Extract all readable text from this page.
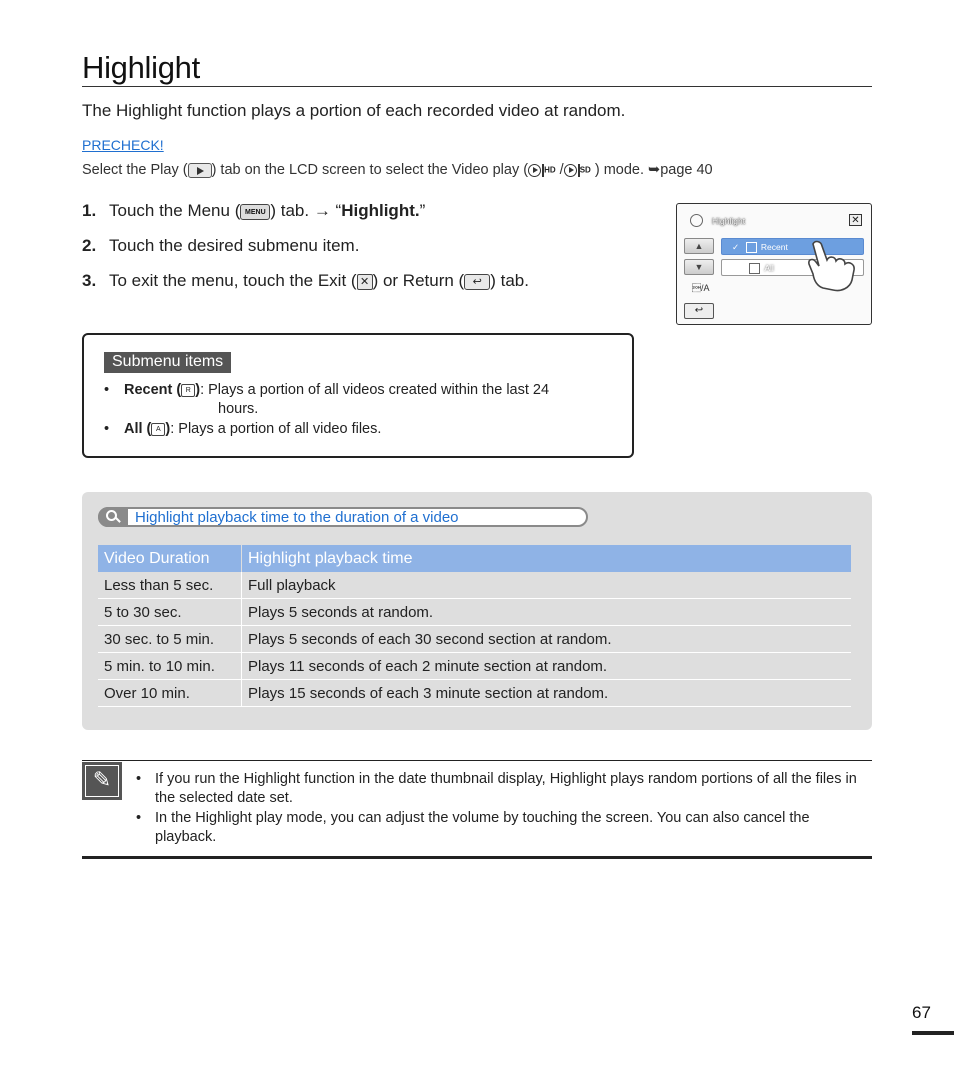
Highlight
The Highlight function plays a portion of each recorded video at random.
PRECHECK!
Select the Play ( ) tab on the LCD screen to select the Video play ( HD / SD ) mode. ➥page 40
1. Touch the Menu ( MENU ) tab. → “Highlight.”
2. Touch the desired submenu item.
3. To exit the menu, touch the Exit ( ✕ ) or Return ( ↩ ) tab.
Highlight	✕
▲
▼
✓	Recent
All
/A
↩
Submenu items
• Recent ( R ): Plays a portion of all videos created within the last 24
hours.
• All ( A ): Plays a portion of all video files.
Highlight playback time to the duration of a video
Video Duration	Highlight playback time
Less than 5 sec.	Full playback
5 to 30 sec.	Plays 5 seconds at random.
30 sec. to 5 min.	Plays 5 seconds of each 30 second section at random.
5 min. to 10 min.	Plays 11 seconds of each 2 minute section at random.
Over 10 min.	Plays 15 seconds of each 3 minute section at random.
✎	• If you run the Highlight function in the date thumbnail display, Highlight plays random portions of all the files in the selected date set.
• In the Highlight play mode, you can adjust the volume by touching the screen. You can also cancel the playback.
67
